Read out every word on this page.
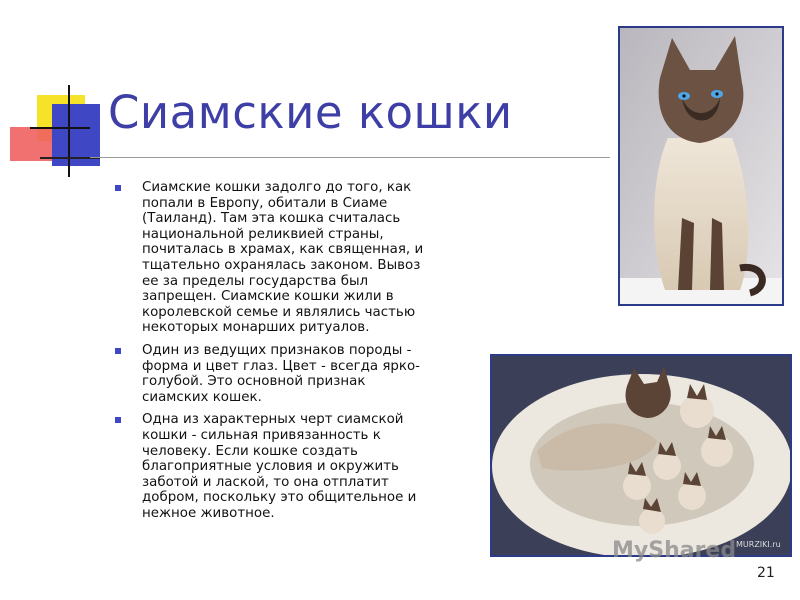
Сиамские кошки
Сиамские кошки задолго до того, как попали в Европу, обитали в Сиаме (Таиланд). Там эта кошка считалась национальной реликвией страны, почиталась в храмах, как священная, и тщательно охранялась законом. Вывоз ее за пределы государства был запрещен. Сиамские кошки жили в королевской семье и являлись частью некоторых монарших ритуалов.
Один из ведущих признаков породы - форма и цвет глаз. Цвет - всегда ярко-голубой. Это основной признак сиамских кошек.
Одна из характерных черт сиамской кошки - сильная привязанность к человеку. Если кошке создать благоприятные условия и окружить заботой и лаской, то она отплатит добром, поскольку это общительное и нежное животное.
MURZIKI.ru
MyShared
21
